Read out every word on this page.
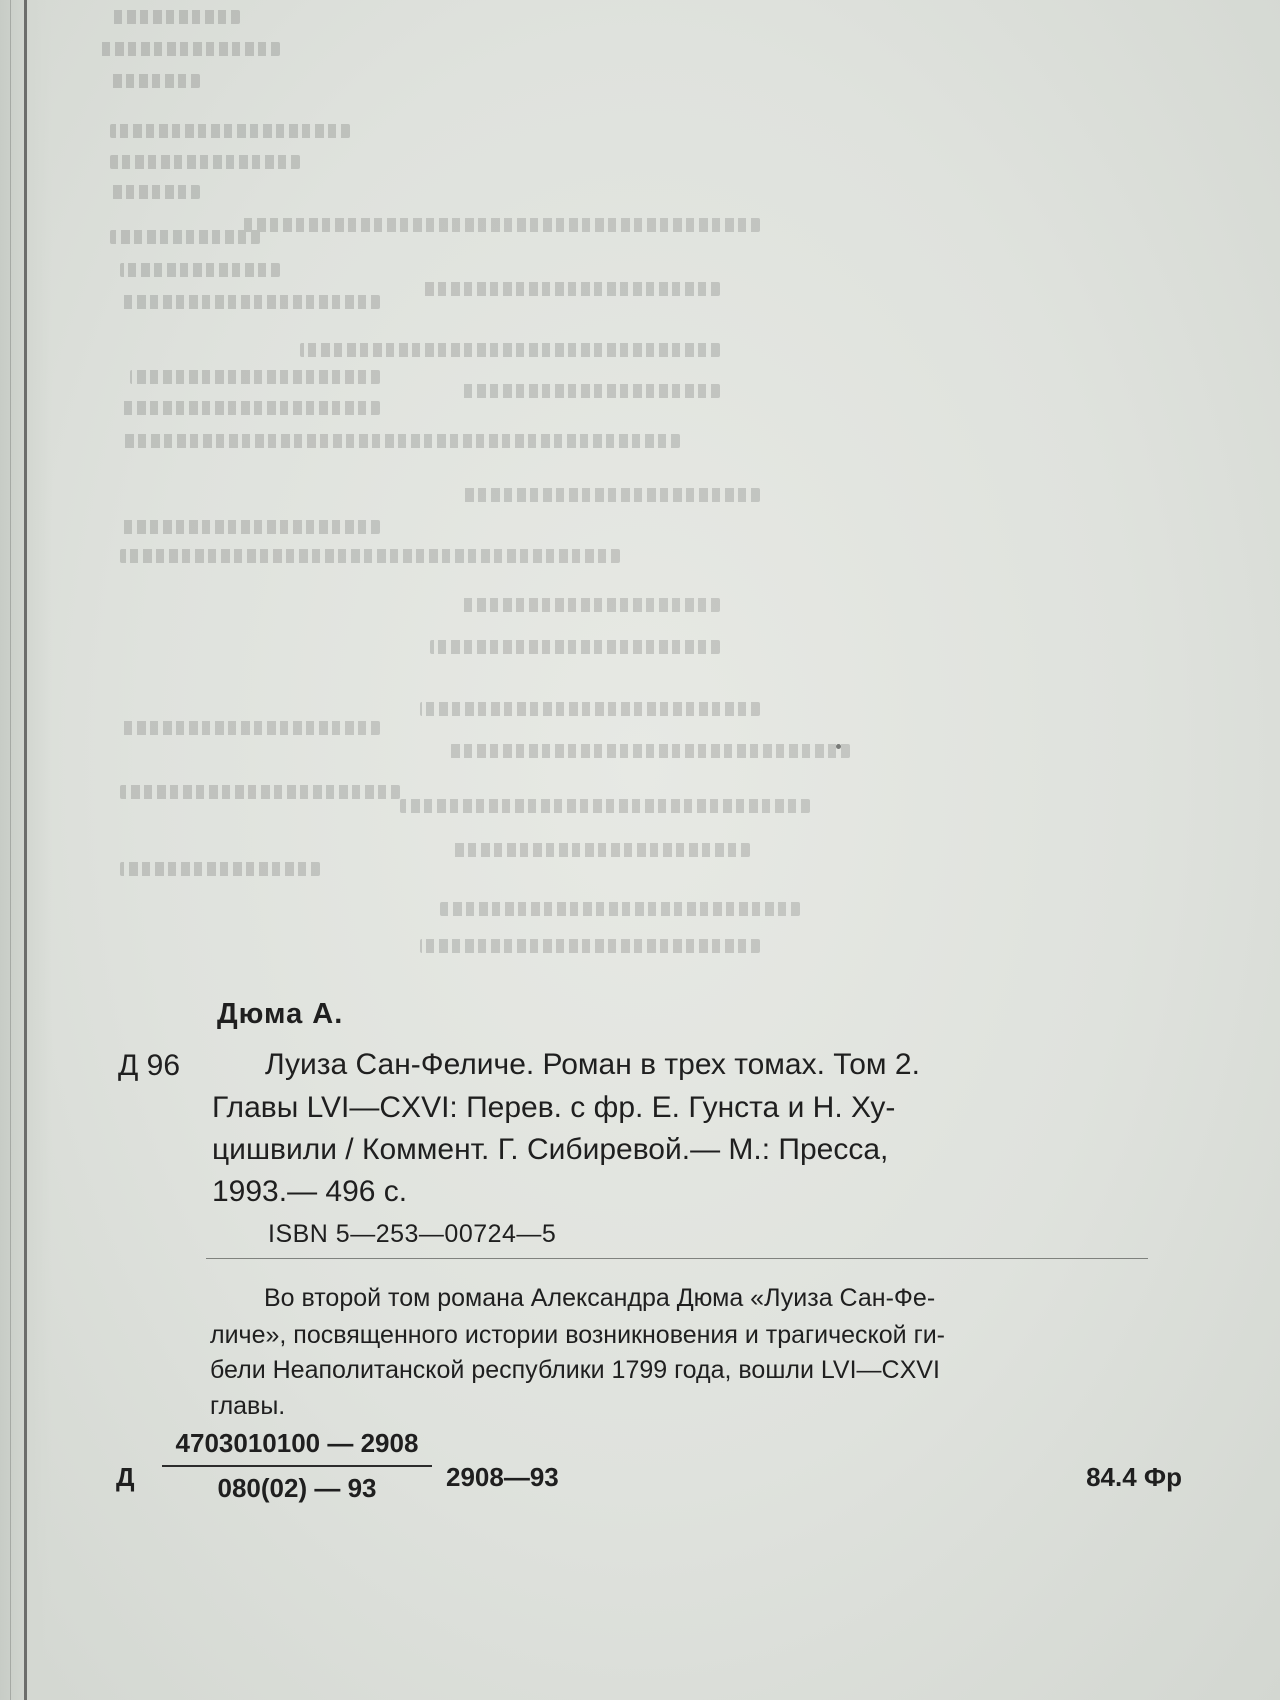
Дюма А.
Д 96	Луиза Сан-Феличе. Роман в трех томах. Том 2.
Главы LVI—CXVI: Перев. с фр. Е. Гунста и Н. Ху-
цишвили / Коммент. Г. Сибиревой.— М.: Пресса,
1993.— 496 с.
ISBN 5—253—00724—5
Во второй том романа Александра Дюма «Луиза Сан-Фе-
личе», посвященного истории возникновения и трагической ги-
бели Неаполитанской республики 1799 года, вошли LVI—CXVI
главы.
Д $\frac{4703010100 — 2908}{080(02) — 93}$ 2908—93	84.4 Фр
